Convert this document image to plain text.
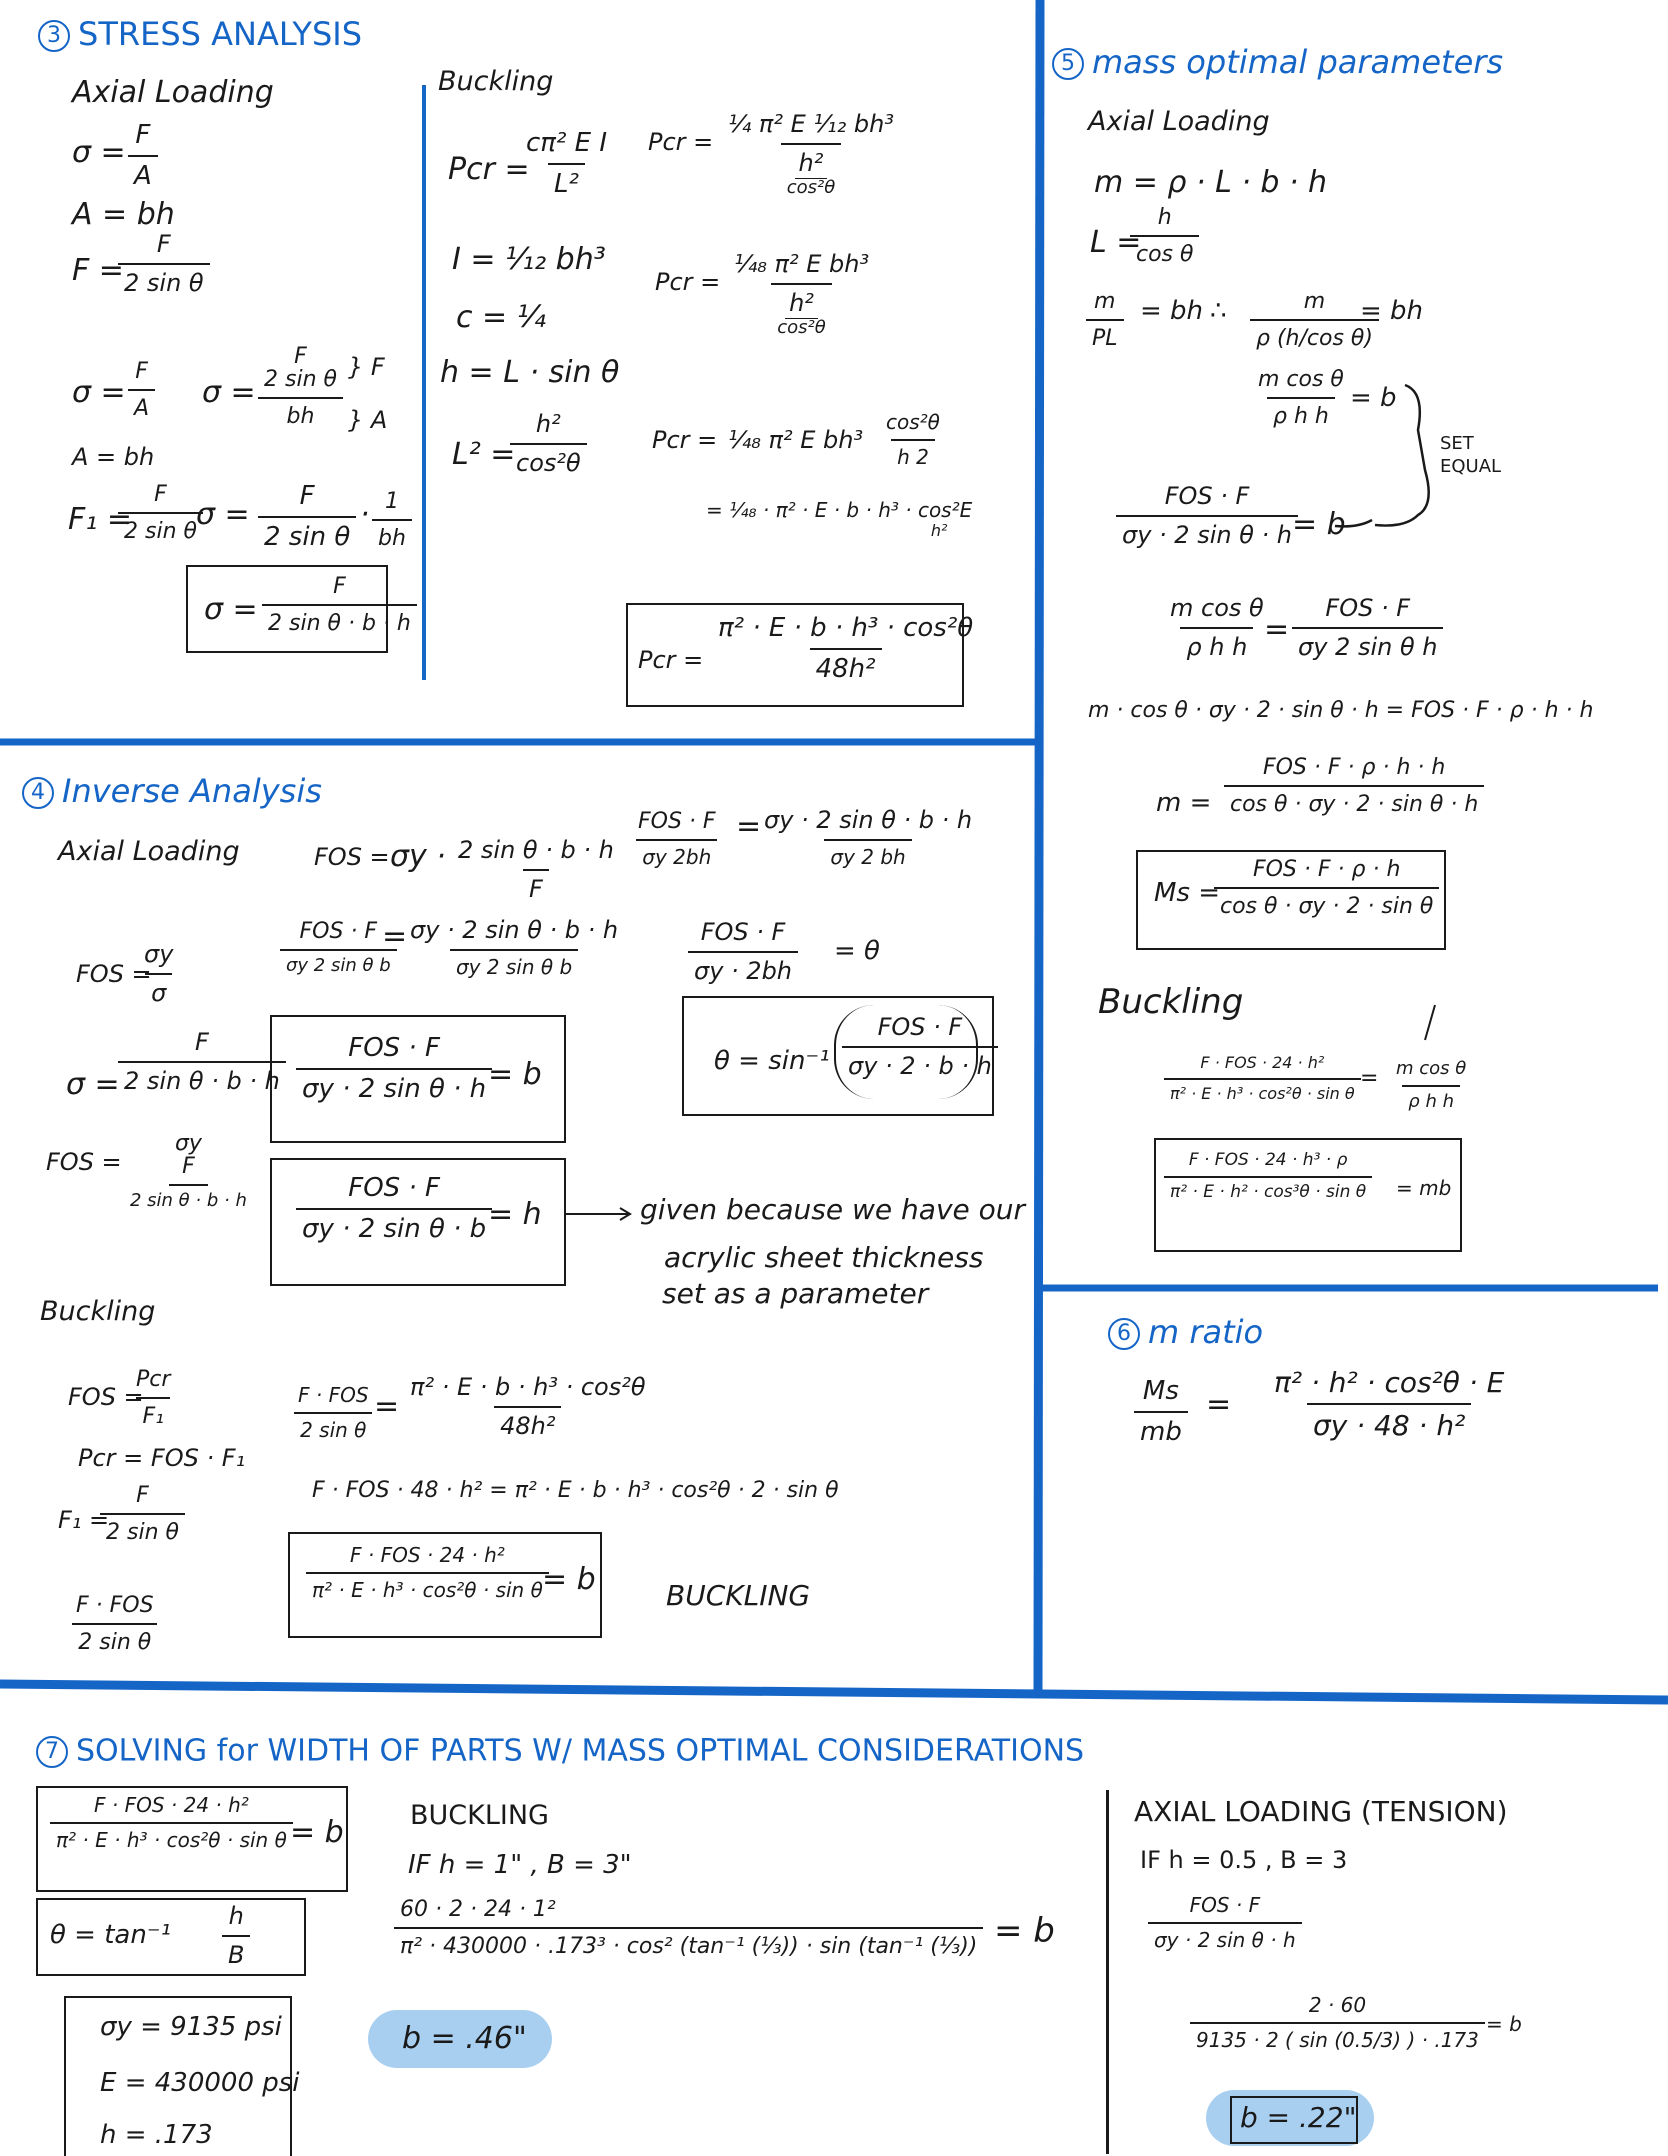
3 STRESS ANALYSIS
Axial Loading
$\sigma = \frac{F}{A}$
A = bh
F =
$\frac{F}{\text{2 sin θ}}$
$\sigma = \frac{F}{A}$ σ = F
2 sin θ
bh } F
} A
A = bh
F₁ =
$\frac{F}{\text{2 sin θ}}$
$\sigma = \frac{F}{\text{2 sin θ}} \cdot \frac{1}{bh}$
$\sigma = \frac{F}{\text{2 sin θ · b · h}}$
Buckling
Pcr =
$\frac{\text{cπ² E I}}{\text{L²}}$
I = ¹⁄₁₂ bh³
c = ¼
h = L · sin θ
L² =
$\frac{\text{h²}}{\text{cos²θ}}$
Pcr = ¼ π² E ¹⁄₁₂ bh³
h²
cos²θ
Pcr = ¹⁄₄₈ π² E bh³
h²
cos²θ
Pcr = ¹⁄₄₈ π² E $bh^3 \frac{\text{cos²θ}}{h 2}$
= ¹⁄₄₈ · π² · E · b · h³ · cos²E
h²
Pcr = $\frac{\text{π² · E · b · h³ · cos²θ}}{\text{48h²}}$
4 Inverse Analysis
Axial Loading
FOS =
$\frac{\sigma y}{\sigma}$
σ =
$\frac{F}{\text{2 sin θ · b · h}}$
FOS =
σy
F
2 sin θ · b · h
FOS = $\sigma y \cdot \frac{\text{2 sin θ · b · h}}{F}$
FOS · F
σy 2 sin θ b
= σy · 2 sin θ · b · h
σy 2 sin θ b
FOS · F
σy · 2 sin θ · h = b
FOS · F
σy · 2 sin θ · b = h	given because we have our
acrylic sheet thickness
set as a parameter
FOS · F
σy 2bh
= σy · 2 sin θ · b · h
σy 2 bh
FOS · F
σy · 2bh
= θ
θ = sin⁻¹
FOS · F
σy · 2 · b · h
Buckling
FOS =
Pcr
F₁
Pcr = FOS · F₁
F₁ =
$\frac{F}{\text{2 sin θ}}$
F · FOS
2 sin θ
F · FOS
2 sin θ
= $\frac{\text{π² · E · b · h³ · cos²θ}}{\text{48h²}}$
F · FOS · 48 · h² = π² · E · b · h³ · cos²θ · 2 · sin θ
F · FOS · 24 · h²
π² · E · h³ · cos²θ · sin θ = b	BUCKLING
5 mass optimal parameters
Axial Loading
m = ρ · L · b · h
L =
$\frac{h}{\text{cos θ}}$
$\frac{m}{PL}$ = bh ∴ $\frac{m}{\text{ρ (h/cos θ)}}$
= bh
$\frac{\text{m cos θ}}{\text{ρ h h}} = b$
SET
EQUAL
FOS · F
σy · 2 sin θ · h = b
$\frac{\text{m cos θ}}{\text{ρ h h}}$
=
FOS · F
σy 2 sin θ h
m · cos θ · σy · 2 · sin θ · h = FOS · F · ρ · h · h
m =
FOS · F · ρ · h · h
cos θ · σy · 2 · sin θ · h
Ms =
FOS · F · ρ · h
cos θ · σy · 2 · sin θ
Buckling
F · FOS · 24 · h²
π² · E · h³ · cos²θ · sin θ
= $\frac{\text{m cos θ}}{\text{ρ h h}}$
F · FOS · 24 · h³ · ρ
π² · E · h² · cos³θ · sin θ	= mb
6 m ratio
$\frac{Ms}{mb} = \frac{\text{π² · h² · cos²θ · E}}{\text{σy · 48 · h²}}$
7 SOLVING for WIDTH OF PARTS W/ MASS OPTIMAL CONSIDERATIONS
F · FOS · 24 · h²
π² · E · h³ · cos²θ · sin θ = b
$\theta = \tan^{-1} \frac{h}{B}$
σy = 9135 psi
E = 430000 psi
h = .173
BUCKLING
IF h = 1" , B = 3"
$\frac{\text{60 · 2 · 24 · 1²}}{\text{π² · 430000 · .173³ · cos² (tan⁻¹ (⅓)) · sin (tan⁻¹ (⅓))}} = b$
b = .46"
AXIAL LOADING (TENSION)
IF h = 0.5 , B = 3
FOS · F
σy · 2 sin θ · h
$\frac{2 \cdot 60}{9135 \cdot 2 ( \sin (0.5/3) ) \cdot .173} = b$
b = .22"
